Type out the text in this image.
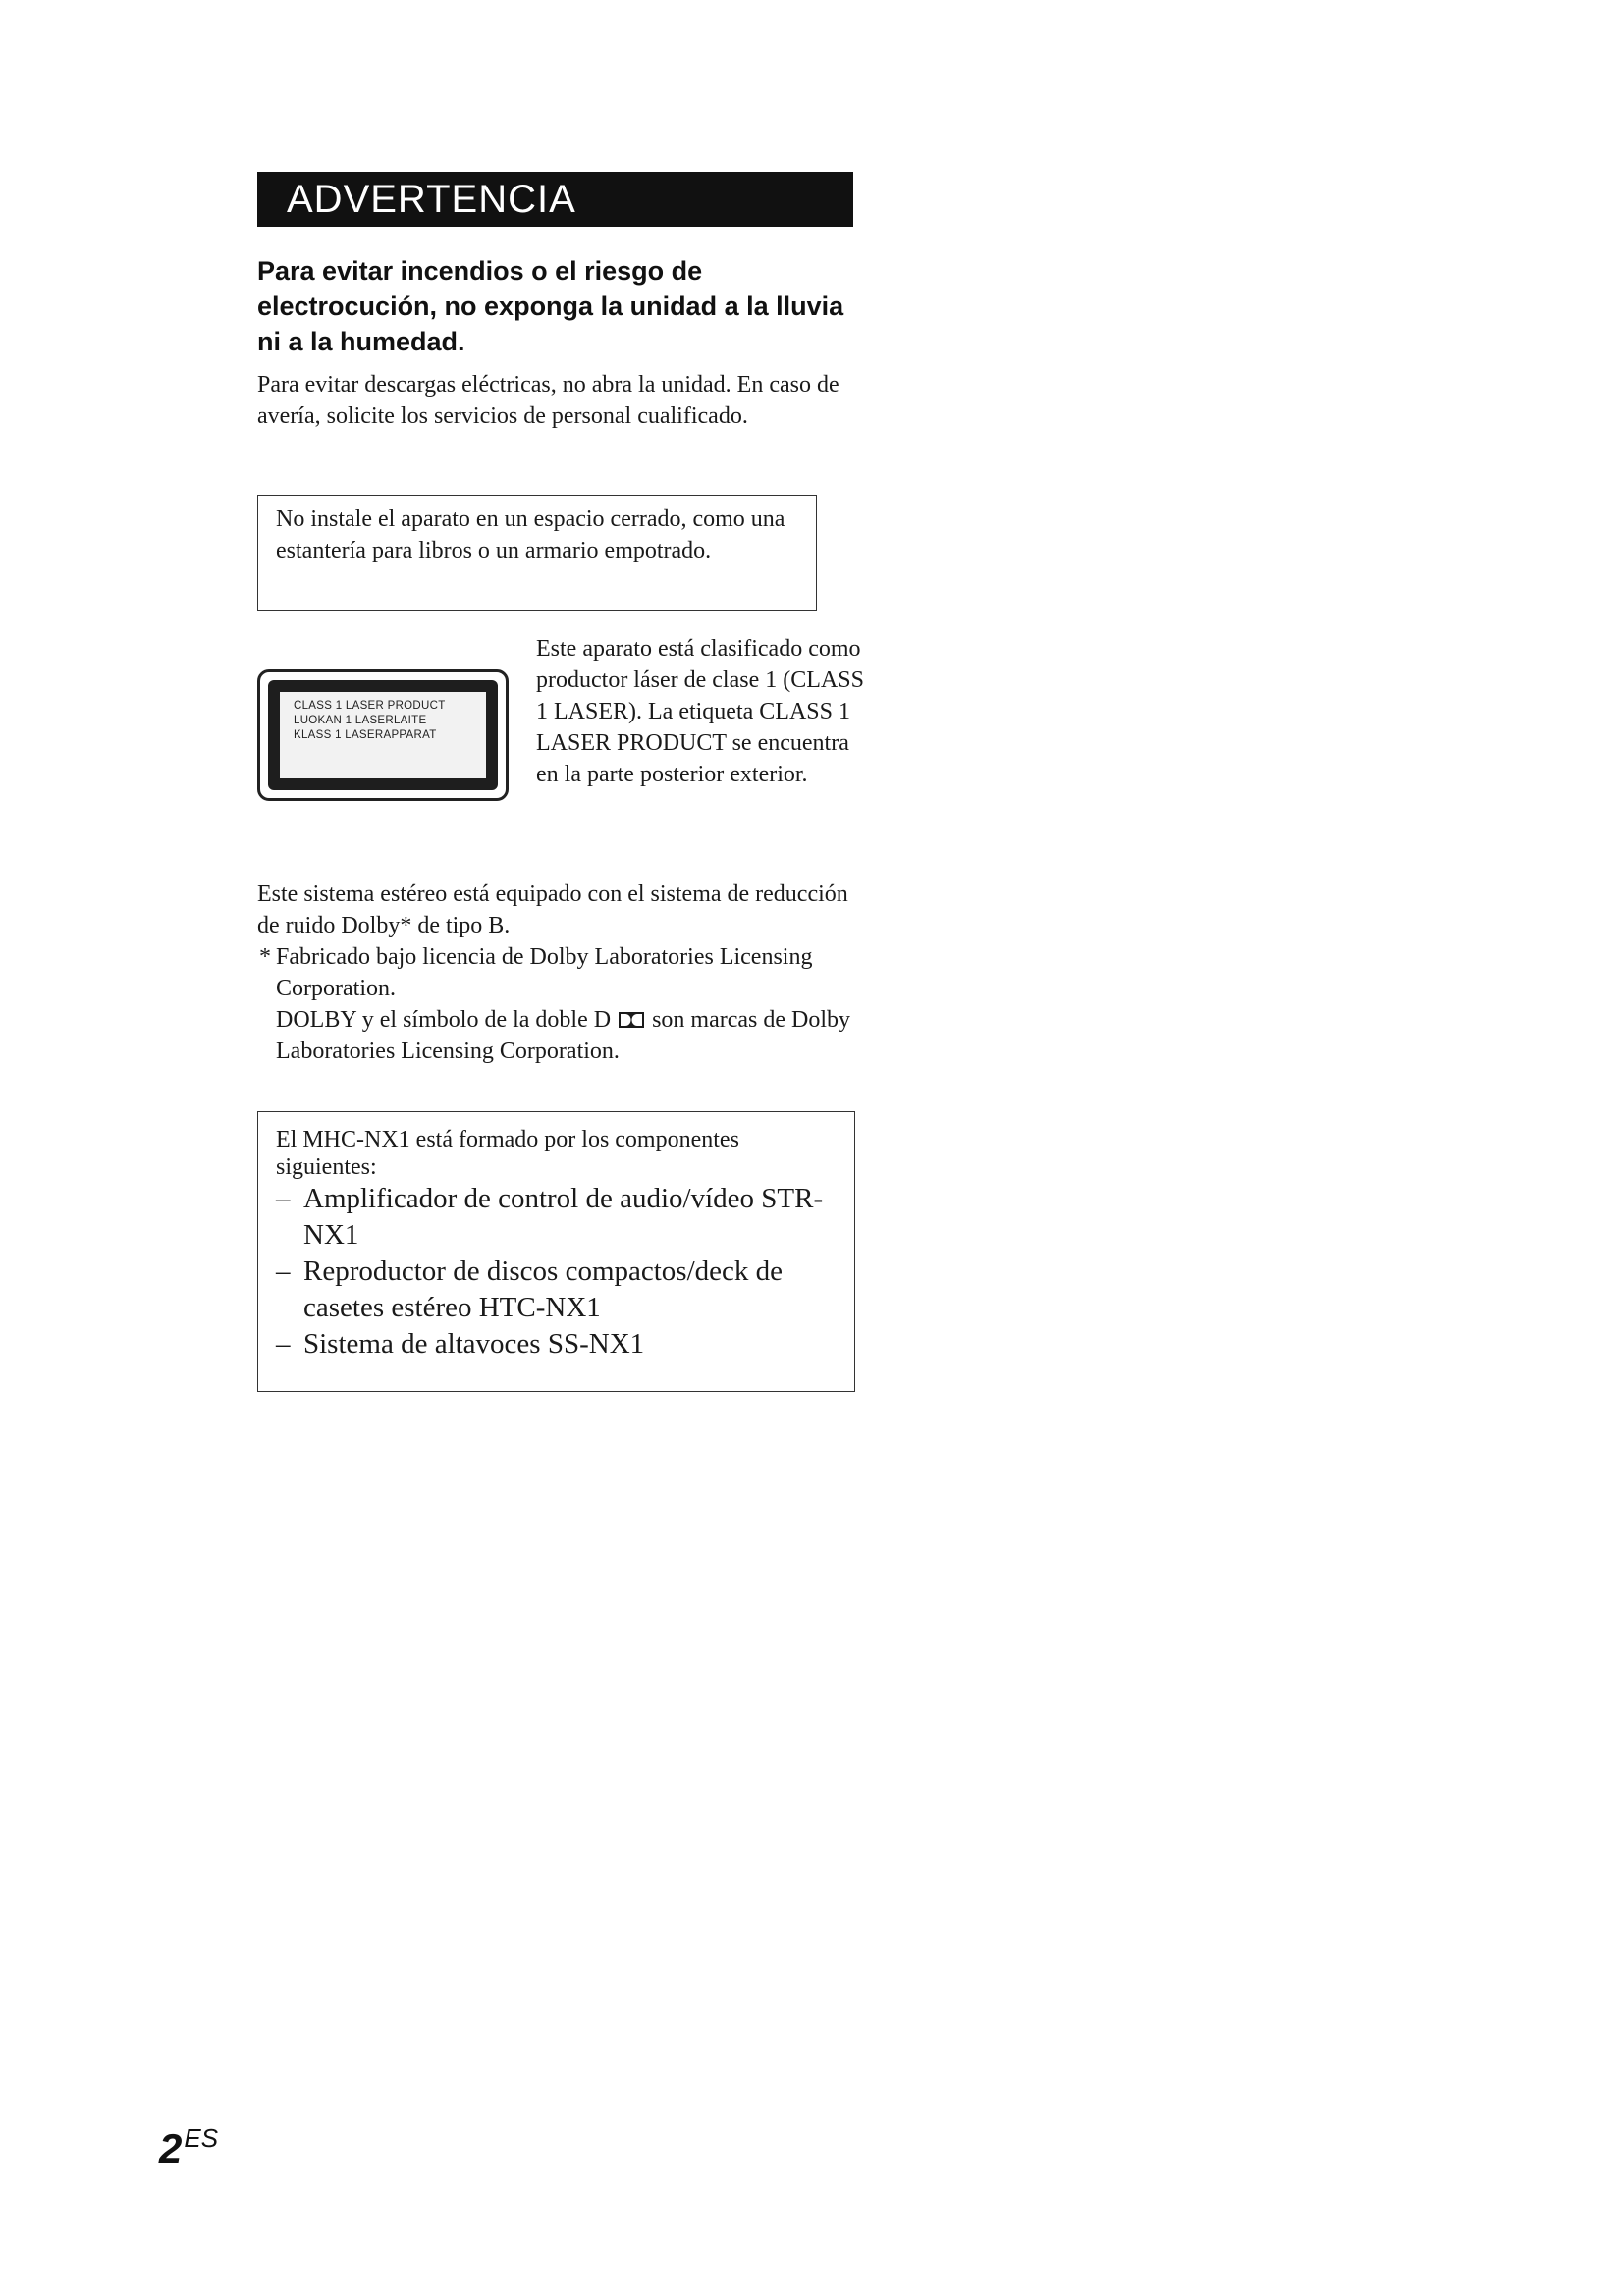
ADVERTENCIA
Para evitar incendios o el riesgo de electrocución, no exponga la unidad a la lluvia ni a la humedad.
Para evitar descargas eléctricas, no abra la unidad. En caso de avería, solicite los servicios de personal cualificado.
No instale el aparato en un espacio cerrado, como una estantería para libros o un armario empotrado.
CLASS 1 LASER PRODUCT
LUOKAN 1 LASERLAITE
KLASS 1 LASERAPPARAT
Este aparato está clasificado como productor láser de clase 1 (CLASS 1 LASER). La etiqueta CLASS 1 LASER PRODUCT se encuentra en la parte posterior exterior.
Este sistema estéreo está equipado con el sistema de reducción de ruido Dolby* de tipo B.
* Fabricado bajo licencia de Dolby Laboratories Licensing Corporation.
DOLBY y el símbolo de la doble D son marcas de Dolby Laboratories Licensing Corporation.
El MHC-NX1 está formado por los componentes siguientes:
– Amplificador de control de audio/vídeo STR-NX1
– Reproductor de discos compactos/deck de casetes estéreo HTC-NX1
– Sistema de altavoces SS-NX1
$2^{ES}$
